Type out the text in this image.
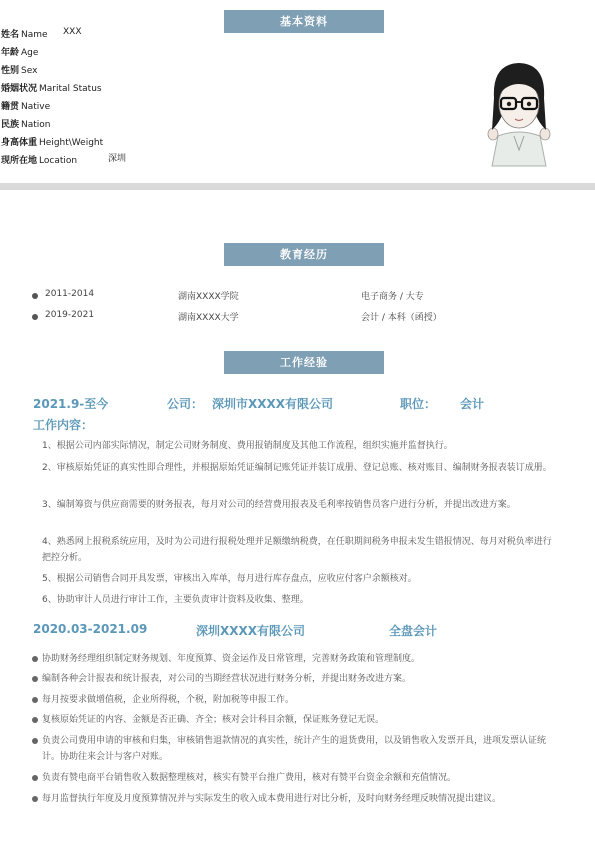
基本资料
姓名 Name XXX
年龄 Age
性别 Sex
婚姻状况 Marital Status
籍贯 Native
民族 Nation
身高体重 Height\Weight
现所在地 Location	深圳
教育经历
2011-2014	湖南XXXX学院	电子商务 / 大专
2019-2021	湖南XXXX大学	会计 / 本科（函授）
工作经验
2021.9-至今	公司： 深圳市XXXX有限公司	职位： 会计
工作内容：
1、根据公司内部实际情况，制定公司财务制度、费用报销制度及其他工作流程，组织实施并监督执行。
2、审核原始凭证的真实性即合理性，并根据原始凭证编制记账凭证并装订成册、登记总账、核对账目、编制财务报表装订成册。
3、编制筹资与供应商需要的财务报表，每月对公司的经营费用报表及毛利率按销售员客户进行分析，并提出改进方案。
4、熟悉网上报税系统应用，及时为公司进行报税处理并足额缴纳税费，在任职期间税务申报未发生错报情况、每月对税负率进行把控分析。
5、根据公司销售合同开具发票，审核出入库单，每月进行库存盘点，应收应付客户余额核对。
6、协助审计人员进行审计工作，主要负责审计资料及收集、整理。
2020.03-2021.09	深圳XXXX有限公司	全盘会计
协助财务经理组织制定财务规划、年度预算、资金运作及日常管理，完善财务政策和管理制度。
编制各种会计报表和统计报表，对公司的当期经营状况进行财务分析，并提出财务改进方案。
每月按要求做增值税，企业所得税，个税，附加税等申报工作。
复核原始凭证的内容、金额是否正确、齐全；核对会计科目余额，保证账务登记无误。
负责公司费用申请的审核和归集，审核销售退款情况的真实性，统计产生的退货费用，以及销售收入发票开具，进项发票认证统计。协助往来会计与客户对账。
负责有赞电商平台销售收入数据整理核对，核实有赞平台推广费用，核对有赞平台资金余额和充值情况。
每月监督执行年度及月度预算情况并与实际发生的收入成本费用进行对比分析，及时向财务经理反映情况提出建议。
